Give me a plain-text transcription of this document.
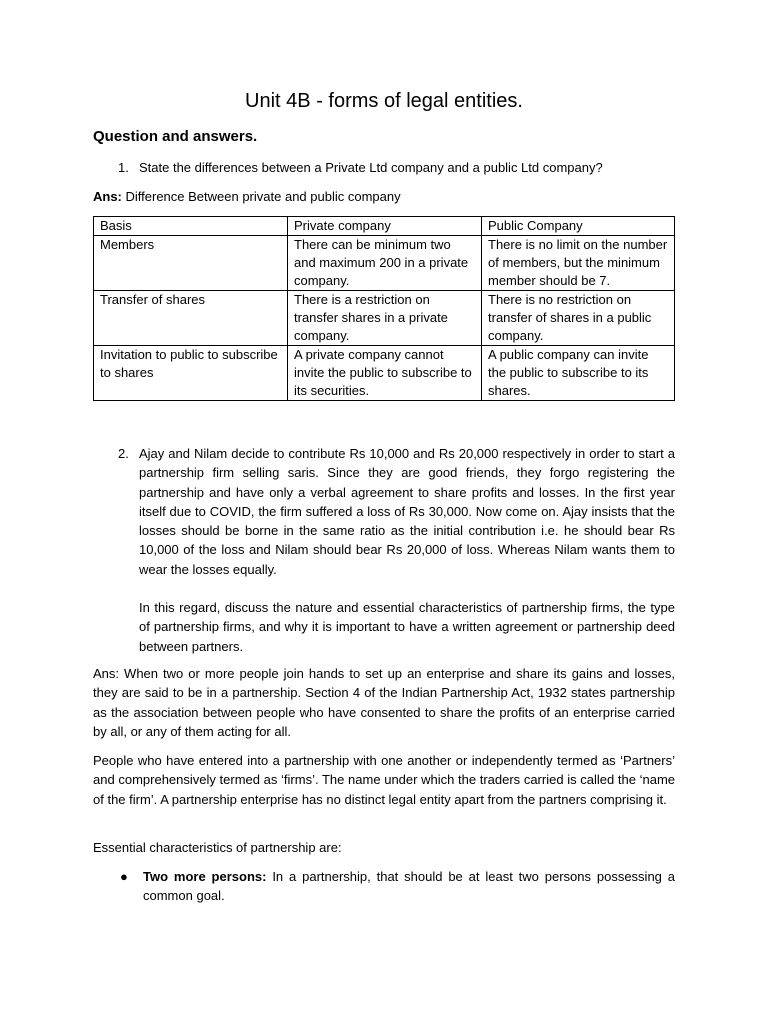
Unit 4B - forms of legal entities.
Question and answers.
1. State the differences between a Private Ltd company and a public Ltd company?
Ans: Difference Between private and public company
Basis	Private company	Public Company
Members	There can be minimum two and maximum 200 in a private company.	There is no limit on the number of members, but the minimum member should be 7.
Transfer of shares	There is a restriction on transfer shares in a private company.	There is no restriction on transfer of shares in a public company.
Invitation to public to subscribe to shares	A private company cannot invite the public to subscribe to its securities.	A public company can invite the public to subscribe to its shares.
2. Ajay and Nilam decide to contribute Rs 10,000 and Rs 20,000 respectively in order to start a partnership firm selling saris. Since they are good friends, they forgo registering the partnership and have only a verbal agreement to share profits and losses. In the first year itself due to COVID, the firm suffered a loss of Rs 30,000. Now come on. Ajay insists that the losses should be borne in the same ratio as the initial contribution i.e. he should bear Rs 10,000 of the loss and Nilam should bear Rs 20,000 of loss. Whereas Nilam wants them to wear the losses equally.

In this regard, discuss the nature and essential characteristics of partnership firms, the type of partnership firms, and why it is important to have a written agreement or partnership deed between partners.

Ans: When two or more people join hands to set up an enterprise and share its gains and losses, they are said to be in a partnership. Section 4 of the Indian Partnership Act, 1932 states partnership as the association between people who have consented to share the profits of an enterprise carried by all, or any of them acting for all.

People who have entered into a partnership with one another or independently termed as ‘Partners’ and comprehensively termed as ‘firms’. The name under which the traders carried is called the ‘name of the firm’. A partnership enterprise has no distinct legal entity apart from the partners comprising it.

Essential characteristics of partnership are:

● Two more persons: In a partnership, that should be at least two persons possessing a common goal.
